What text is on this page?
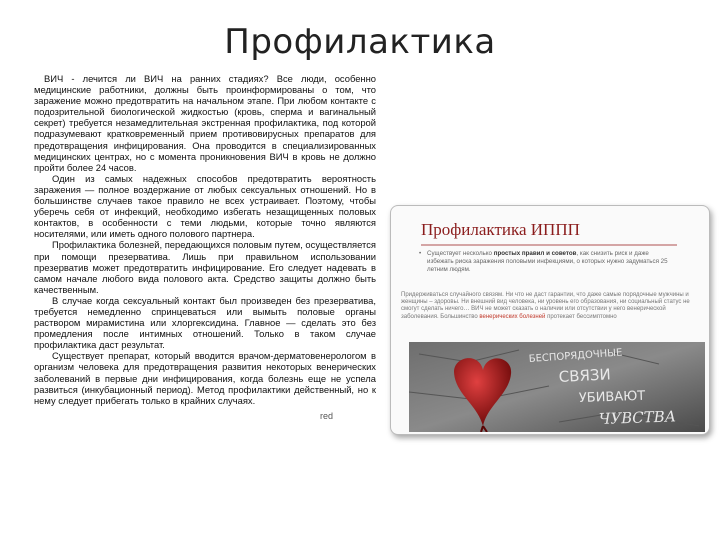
Профилактика

ВИЧ - лечится ли ВИЧ на ранних стадиях? Все люди, особенно медицинские работники, должны быть проинформированы о том, что заражение можно предотвратить на начальном этапе. При любом контакте с подозрительной биологической жидкостью (кровь, сперма и вагинальный секрет) требуется незамедлительная экстренная профилактика, под которой подразумевают кратковременный прием противовирусных препаратов для предотвращения инфицирования. Она проводится в специализированных медицинских центрах, но с момента проникновения ВИЧ в кровь не должно пройти более 24 часов.

Один из самых надежных способов предотвратить вероятность заражения — полное воздержание от любых сексуальных отношений. Но в большинстве случаев такое правило не всех устраивает. Поэтому, чтобы уберечь себя от инфекций, необходимо избегать незащищенных половых контактов, в особенности с теми людьми, которые точно являются носителями, или иметь одного полового партнера.

Профилактика болезней, передающихся половым путем, осуществляется при помощи презерватива. Лишь при правильном использовании презерватив может предотвратить инфицирование. Его следует надевать в самом начале любого вида полового акта. Средство защиты должно быть качественным.

В случае когда сексуальный контакт был произведен без презерватива, требуется немедленно спринцеваться или вымыть половые органы раствором мирамистина или хлоргексидина. Главное — сделать это без промедления после интимных отношений. Только в таком случае профилактика даст результат.

Существует препарат, который вводится врачом-дерматовенерологом в организм человека для предотвращения развития некоторых венерических заболеваний в первые дни инфицирования, когда болезнь еще не успела развиться (инкубационный период). Метод профилактики действенный, но к нему следует прибегать только в крайних случаях.

Профилактика ИППП
• Существует несколько простых правил и советов, как снизить риск и даже избежать риска заражения половыми инфекциями, о которых нужно задуматься 25 летним людям.
Придерживаться случайного связям. Ни что не даст гарантии, что даже самые порядочные мужчины и женщины – здоровы. Ни внешний вид человека, ни уровень его образования, ни социальный статус не смогут сделать ничего… ВИЧ не может сказать о наличии или отсутствии у него венерической заболевания. Большинство венерических болезней протекает бессимптомно
БЕСПОРЯДОЧНЫЕ
СВЯЗИ
УБИВАЮТ
ЧУВСТВА
red
